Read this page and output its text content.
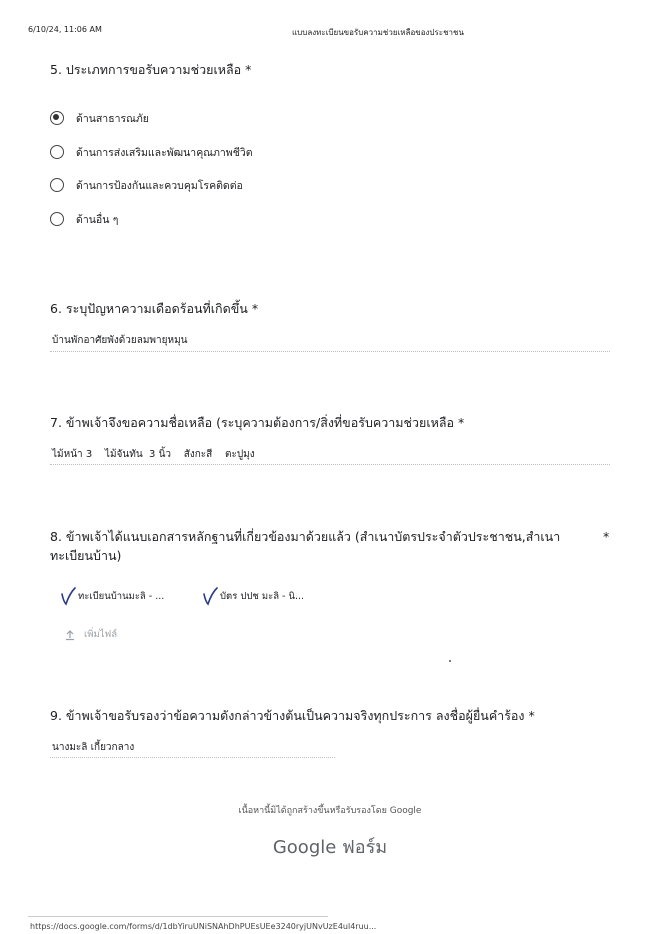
6/10/24, 11:06 AM	แบบลงทะเบียนขอรับความช่วยเหลือของประชาชน
5. ประเภทการขอรับความช่วยเหลือ *
ด้านสาธารณภัย
ด้านการส่งเสริมและพัฒนาคุณภาพชีวิต
ด้านการป้องกันและควบคุมโรคติดต่อ
ด้านอื่น ๆ
6. ระบุปัญหาความเดือดร้อนที่เกิดขึ้น *
บ้านพักอาศัยพังด้วยลมพายุหมุน
7. ข้าพเจ้าจึงขอความชื่อเหลือ (ระบุความต้องการ/สิ่งที่ขอรับความช่วยเหลือ *
ไม้หน้า 3    ไม้จันทัน  3 นิ้ว    สังกะสี    ตะปูมุง
8. ข้าพเจ้าได้แนบเอกสารหลักฐานที่เกี่ยวข้องมาด้วยแล้ว (สำเนาบัตรประจำตัวประชาชน,สำเนา
ทะเบียนบ้าน)
*
ทะเบียนบ้านมะลิ - ...	บัตร ปปช มะลิ - นิ...
เพิ่มไฟล์
9. ข้าพเจ้าขอรับรองว่าข้อความดังกล่าวข้างต้นเป็นความจริงทุกประการ ลงชื่อผู้ยื่นคำร้อง *
นางมะลิ เกี้ยวกลาง
เนื้อหานี้มิได้ถูกสร้างขึ้นหรือรับรองโดย Google
Google ฟอร์ม
https://docs.google.com/forms/d/1dbYiruUNiSNAhDhPUEsUEe3240ryjUNvUzE4ul4ruu...
